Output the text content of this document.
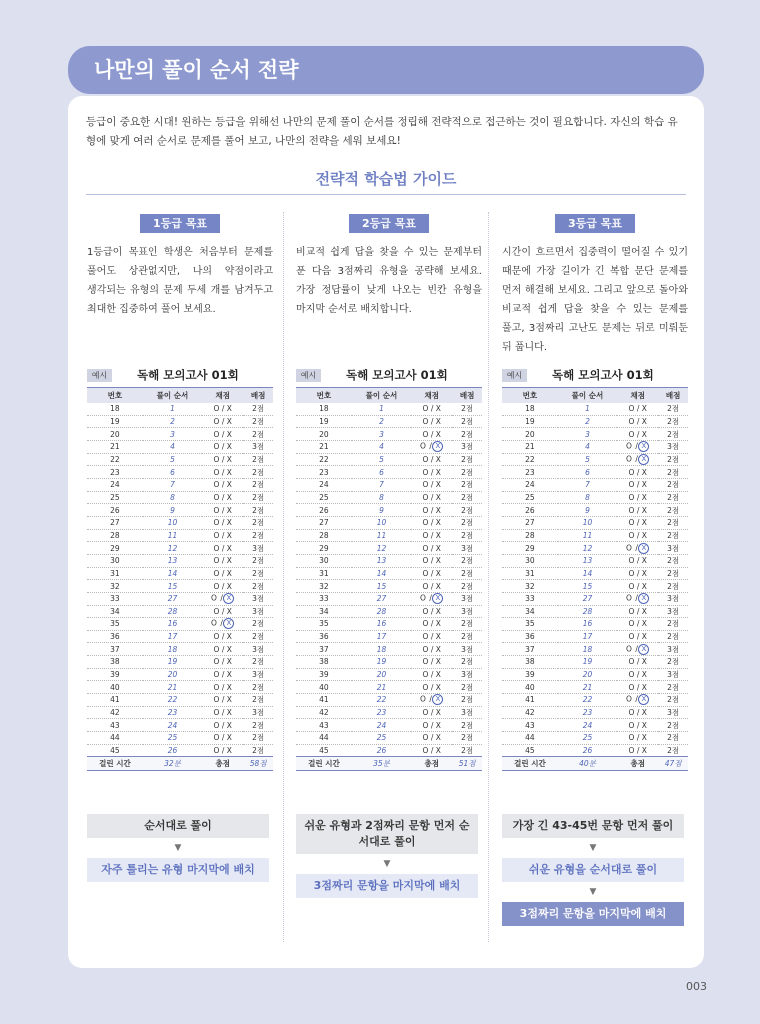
나만의 풀이 순서 전략
등급이 중요한 시대! 원하는 등급을 위해선 나만의 문제 풀이 순서를 정립해 전략적으로 접근하는 것이 필요합니다. 자신의 학습 유형에 맞게 여러 순서로 문제를 풀어 보고, 나만의 전략을 세워 보세요!
전략적 학습법 가이드
1등급 목표
1등급이 목표인 학생은 처음부터 문제를 풀어도 상관없지만, 나의 약점이라고 생각되는 유형의 문제 두세 개를 남겨두고 최대한 집중하여 풀어 보세요.
예시	독해 모의고사 01회
번호	풀이 순서	채점	배점
18	1	O / X	2점
19	2	O / X	2점
20	3	O / X	2점
21	4	O / X	3점
22	5	O / X	2점
23	6	O / X	2점
24	7	O / X	2점
25	8	O / X	2점
26	9	O / X	2점
27	10	O / X	2점
28	11	O / X	2점
29	12	O / X	3점
30	13	O / X	2점
31	14	O / X	2점
32	15	O / X	2점
33	27	O / X	3점
34	28	O / X	3점
35	16	O / X	2점
36	17	O / X	2점
37	18	O / X	3점
38	19	O / X	2점
39	20	O / X	3점
40	21	O / X	2점
41	22	O / X	2점
42	23	O / X	3점
43	24	O / X	2점
44	25	O / X	2점
45	26	O / X	2점
걸린 시간	32분	총점	58점
순서대로 풀이
▼
자주 틀리는 유형 마지막에 배치
2등급 목표
비교적 쉽게 답을 찾을 수 있는 문제부터 푼 다음 3점짜리 유형을 공략해 보세요. 가장 정답률이 낮게 나오는 빈칸 유형을 마지막 순서로 배치합니다.
예시	독해 모의고사 01회
번호	풀이 순서	채점	배점
18	1	O / X	2점
19	2	O / X	2점
20	3	O / X	2점
21	4	O / X	3점
22	5	O / X	2점
23	6	O / X	2점
24	7	O / X	2점
25	8	O / X	2점
26	9	O / X	2점
27	10	O / X	2점
28	11	O / X	2점
29	12	O / X	3점
30	13	O / X	2점
31	14	O / X	2점
32	15	O / X	2점
33	27	O / X	3점
34	28	O / X	3점
35	16	O / X	2점
36	17	O / X	2점
37	18	O / X	3점
38	19	O / X	2점
39	20	O / X	3점
40	21	O / X	2점
41	22	O / X	2점
42	23	O / X	3점
43	24	O / X	2점
44	25	O / X	2점
45	26	O / X	2점
걸린 시간	35분	총점	51점
쉬운 유형과 2점짜리 문항 먼저 순서대로 풀이
▼
3점짜리 문항을 마지막에 배치
3등급 목표
시간이 흐르면서 집중력이 떨어질 수 있기 때문에 가장 길이가 긴 복합 문단 문제를 먼저 해결해 보세요. 그리고 앞으로 돌아와 비교적 쉽게 답을 찾을 수 있는 문제를 풀고, 3점짜리 고난도 문제는 뒤로 미뤄둔 뒤 풉니다.
예시	독해 모의고사 01회
번호	풀이 순서	채점	배점
18	1	O / X	2점
19	2	O / X	2점
20	3	O / X	2점
21	4	O / X	3점
22	5	O / X	2점
23	6	O / X	2점
24	7	O / X	2점
25	8	O / X	2점
26	9	O / X	2점
27	10	O / X	2점
28	11	O / X	2점
29	12	O / X	3점
30	13	O / X	2점
31	14	O / X	2점
32	15	O / X	2점
33	27	O / X	3점
34	28	O / X	3점
35	16	O / X	2점
36	17	O / X	2점
37	18	O / X	3점
38	19	O / X	2점
39	20	O / X	3점
40	21	O / X	2점
41	22	O / X	2점
42	23	O / X	3점
43	24	O / X	2점
44	25	O / X	2점
45	26	O / X	2점
걸린 시간	40분	총점	47점
가장 긴 43-45번 문항 먼저 풀이
▼
쉬운 유형을 순서대로 풀이
▼
3점짜리 문항을 마지막에 배치
003
